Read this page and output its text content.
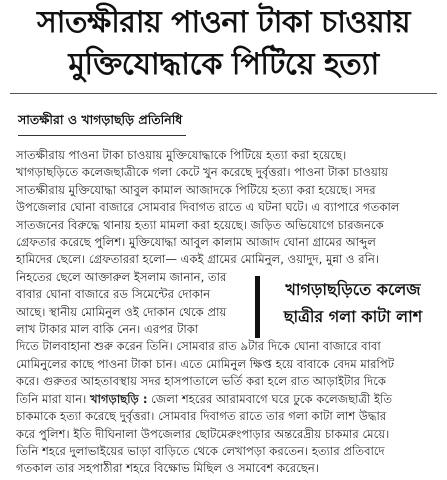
সাতক্ষীরায় পাওনা টাকা চাওয়ায়
মুক্তিযোদ্ধাকে পিটিয়ে হত্যা
সাতক্ষীরা ও খাগড়াছড়ি প্রতিনিধি
সাতক্ষীরায় পাওনা টাকা চাওয়ায় মুক্তিযোদ্ধাকে পিটিয়ে হত্যা করা হয়েছে।
খাগড়াছড়িতে কলেজছাত্রীকে গলা কেটে খুন করেছে দুর্বৃত্তরা। পাওনা টাকা চাওয়ায়
সাতক্ষীরায় মুক্তিযোদ্ধা আবুল কামাল আজাদকে পিটিয়ে হত্যা করা হয়েছে। সদর
উপজেলার ঘোনা বাজারে সোমবার দিবাগত রাতে এ ঘটনা ঘটে। এ ব্যাপারে গতকাল
সাতজনের বিরুদ্ধে থানায় হত্যা মামলা করা হয়েছে। জড়িত অভিযোগে চারজনকে
গ্রেফতার করেছে পুলিশ। মুক্তিযোদ্ধা আবুল কালাম আজাদ ঘোনা গ্রামের আব্দুল
হামিদের ছেলে। গ্রেফতাররা হলো— একই গ্রামের মোমিনুল, ওয়াদুদ, মুন্না ও রনি।
নিহতের ছেলে আক্তারুল ইসলাম জানান, তার
বাবার ঘোনা বাজারে রড সিমেন্টের দোকান
আছে। স্থানীয় মোমিনুল ওই দোকান থেকে প্রায়
লাখ টাকার মাল বাকি নেন। এরপর টাকা
দিতে টালবাহানা শুরু করেন তিনি। সোমবার রাত ৯টার দিকে ঘোনা বাজারে বাবা
মোমিনুলের কাছে পাওনা টাকা চান। এতে মোমিনুল ক্ষিপ্ত হয়ে বাবাকে বেদম মারপিট
করে। গুরুতর আহতাবস্থায় সদর হাসপাতালে ভর্তি করা হলে রাত আড়াইটার দিকে
তিনি মারা যান। খাগড়াছড়ি : জেলা শহরের আরামবাগে ঘরে ঢুকে কলেজছাত্রী ইতি
চাকমাকে হত্যা করেছে দুর্বৃত্তরা। সোমবার দিবাগত রাতে তার গলা কাটা লাশ উদ্ধার
করে পুলিশ। ইতি দীঘিনালা উপজেলার ছোটমেরুংপাড়ার অন্তরেদ্রীয় চাকমার মেয়ে।
তিনি শহরে দুলাভাইয়ের ভাড়া বাড়িতে থেকে লেখাপড়া করতেন। হত্যার প্রতিবাদে
গতকাল তার সহপাঠীরা শহরে বিক্ষোভ মিছিল ও সমাবেশ করেছেন।
খাগড়াছড়িতে কলেজ
ছাত্রীর গলা কাটা লাশ
